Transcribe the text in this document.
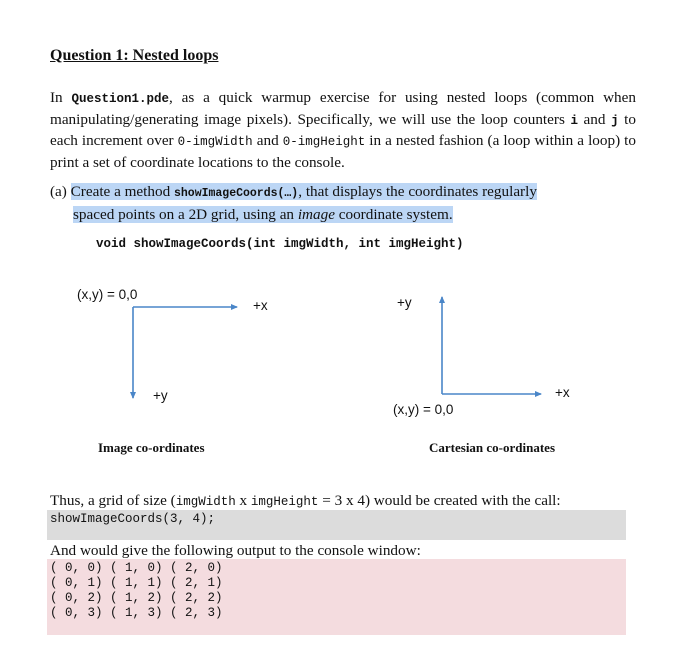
Question 1: Nested loops
In Question1.pde, as a quick warmup exercise for using nested loops (common when manipulating/generating image pixels). Specifically, we will use the loop counters i and j to each increment over 0-imgWidth and 0-imgHeight in a nested fashion (a loop within a loop) to print a set of coordinate locations to the console.
(a) Create a method showImageCoords(…), that displays the coordinates regularly
spaced points on a 2D grid, using an image coordinate system.
void showImageCoords(int imgWidth, int imgHeight)
(x,y) = 0,0
+x
+y
Image co-ordinates
+y
+x
(x,y) = 0,0
Cartesian co-ordinates
Thus, a grid of size (imgWidth x imgHeight = 3 x 4) would be created with the call:
showImageCoords(3, 4);
And would give the following output to the console window:
( 0, 0) ( 1, 0) ( 2, 0)
( 0, 1) ( 1, 1) ( 2, 1)
( 0, 2) ( 1, 2) ( 2, 2)
( 0, 3) ( 1, 3) ( 2, 3)
